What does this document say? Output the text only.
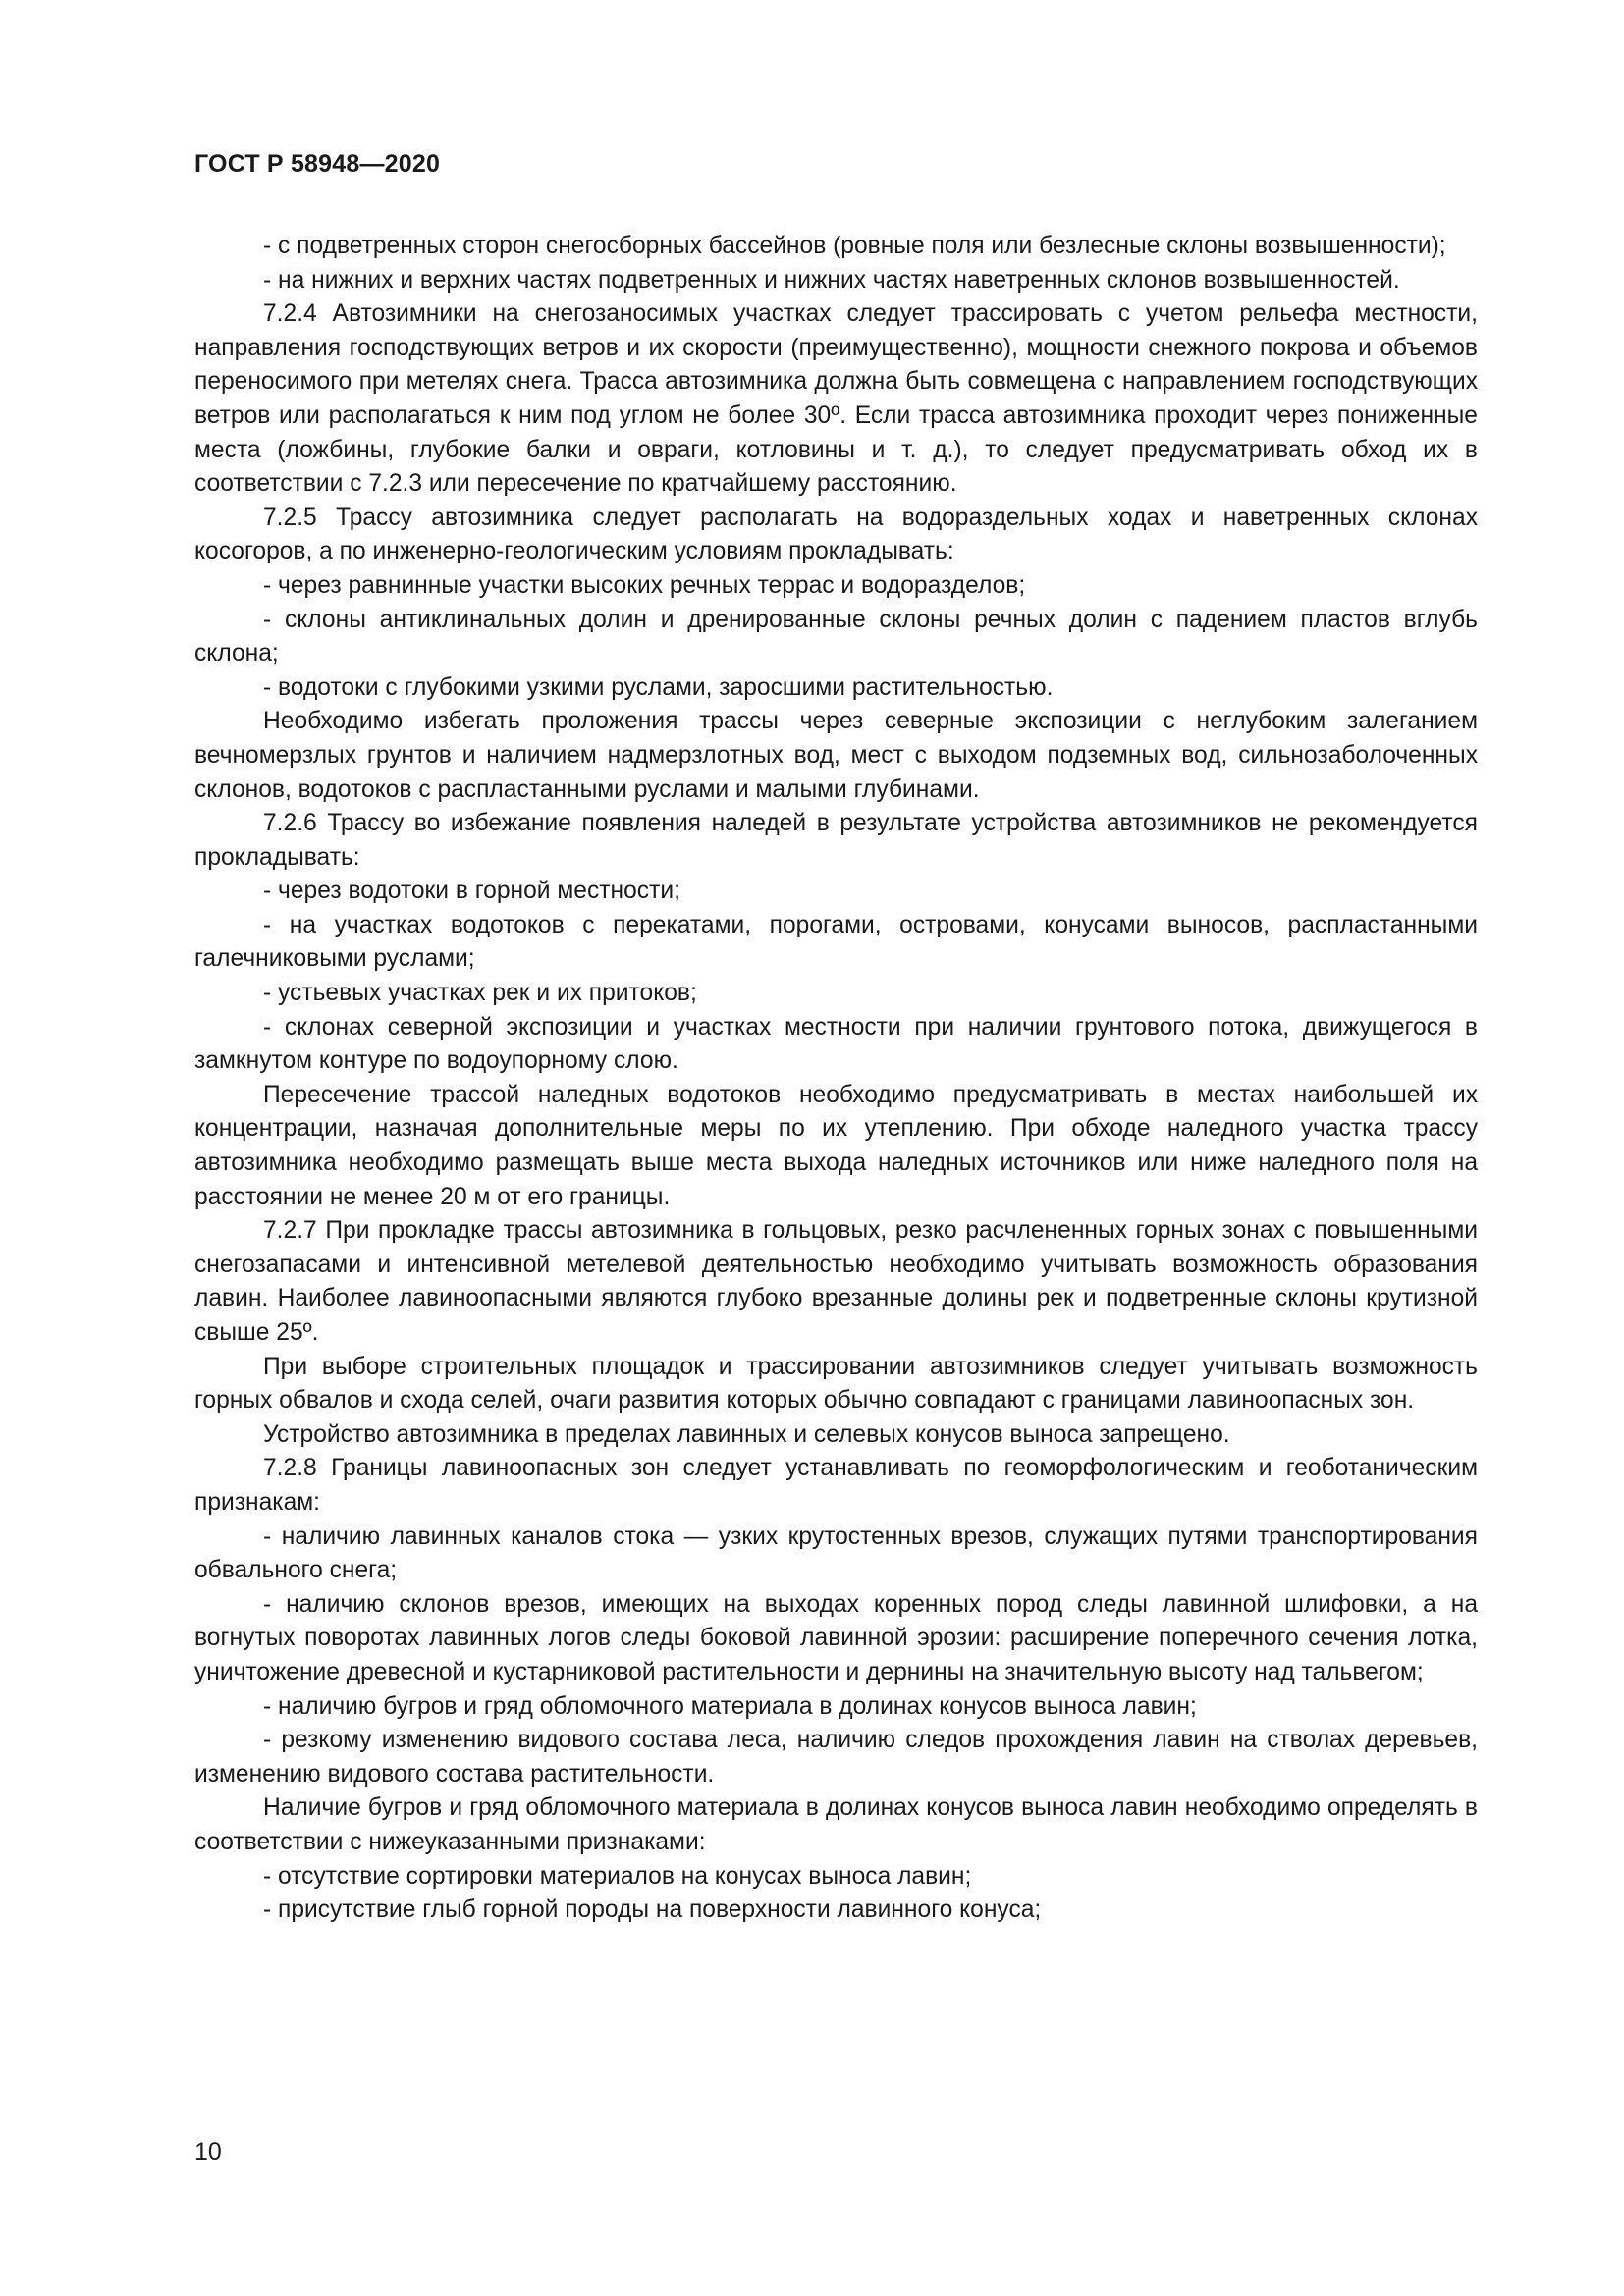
ГОСТ Р 58948—2020

- с подветренных сторон снегосборных бассейнов (ровные поля или безлесные склоны возвышенности);

- на нижних и верхних частях подветренных и нижних частях наветренных склонов возвышенностей.

7.2.4 Автозимники на снегозаносимых участках следует трассировать с учетом рельефа местности, направления господствующих ветров и их скорости (преимущественно), мощности снежного покрова и объемов переносимого при метелях снега. Трасса автозимника должна быть совмещена с направлением господствующих ветров или располагаться к ним под углом не более 30º. Если трасса автозимника проходит через пониженные места (ложбины, глубокие балки и овраги, котловины и т. д.), то следует предусматривать обход их в соответствии с 7.2.3 или пересечение по кратчайшему расстоянию.

7.2.5 Трассу автозимника следует располагать на водораздельных ходах и наветренных склонах косогоров, а по инженерно-геологическим условиям прокладывать:

- через равнинные участки высоких речных террас и водоразделов;

- склоны антиклинальных долин и дренированные склоны речных долин с падением пластов вглубь склона;

- водотоки с глубокими узкими руслами, заросшими растительностью.

Необходимо избегать проложения трассы через северные экспозиции с неглубоким залеганием вечномерзлых грунтов и наличием надмерзлотных вод, мест с выходом подземных вод, сильнозаболоченных склонов, водотоков с распластанными руслами и малыми глубинами.

7.2.6 Трассу во избежание появления наледей в результате устройства автозимников не рекомендуется прокладывать:

- через водотоки в горной местности;

- на участках водотоков с перекатами, порогами, островами, конусами выносов, распластанными галечниковыми руслами;

- устьевых участках рек и их притоков;

- склонах северной экспозиции и участках местности при наличии грунтового потока, движущегося в замкнутом контуре по водоупорному слою.

Пересечение трассой наледных водотоков необходимо предусматривать в местах наибольшей их концентрации, назначая дополнительные меры по их утеплению. При обходе наледного участка трассу автозимника необходимо размещать выше места выхода наледных источников или ниже наледного поля на расстоянии не менее 20 м от его границы.

7.2.7 При прокладке трассы автозимника в гольцовых, резко расчлененных горных зонах с повышенными снегозапасами и интенсивной метелевой деятельностью необходимо учитывать возможность образования лавин. Наиболее лавиноопасными являются глубоко врезанные долины рек и подветренные склоны крутизной свыше 25º.

При выборе строительных площадок и трассировании автозимников следует учитывать возможность горных обвалов и схода селей, очаги развития которых обычно совпадают с границами лавиноопасных зон.

Устройство автозимника в пределах лавинных и селевых конусов выноса запрещено.

7.2.8 Границы лавиноопасных зон следует устанавливать по геоморфологическим и геоботаническим признакам:

- наличию лавинных каналов стока — узких крутостенных врезов, служащих путями транспортирования обвального снега;

- наличию склонов врезов, имеющих на выходах коренных пород следы лавинной шлифовки, а на вогнутых поворотах лавинных логов следы боковой лавинной эрозии: расширение поперечного сечения лотка, уничтожение древесной и кустарниковой растительности и дернины на значительную высоту над тальвегом;

- наличию бугров и гряд обломочного материала в долинах конусов выноса лавин;

- резкому изменению видового состава леса, наличию следов прохождения лавин на стволах деревьев, изменению видового состава растительности.

Наличие бугров и гряд обломочного материала в долинах конусов выноса лавин необходимо определять в соответствии с нижеуказанными признаками:

- отсутствие сортировки материалов на конусах выноса лавин;

- присутствие глыб горной породы на поверхности лавинного конуса;

10
